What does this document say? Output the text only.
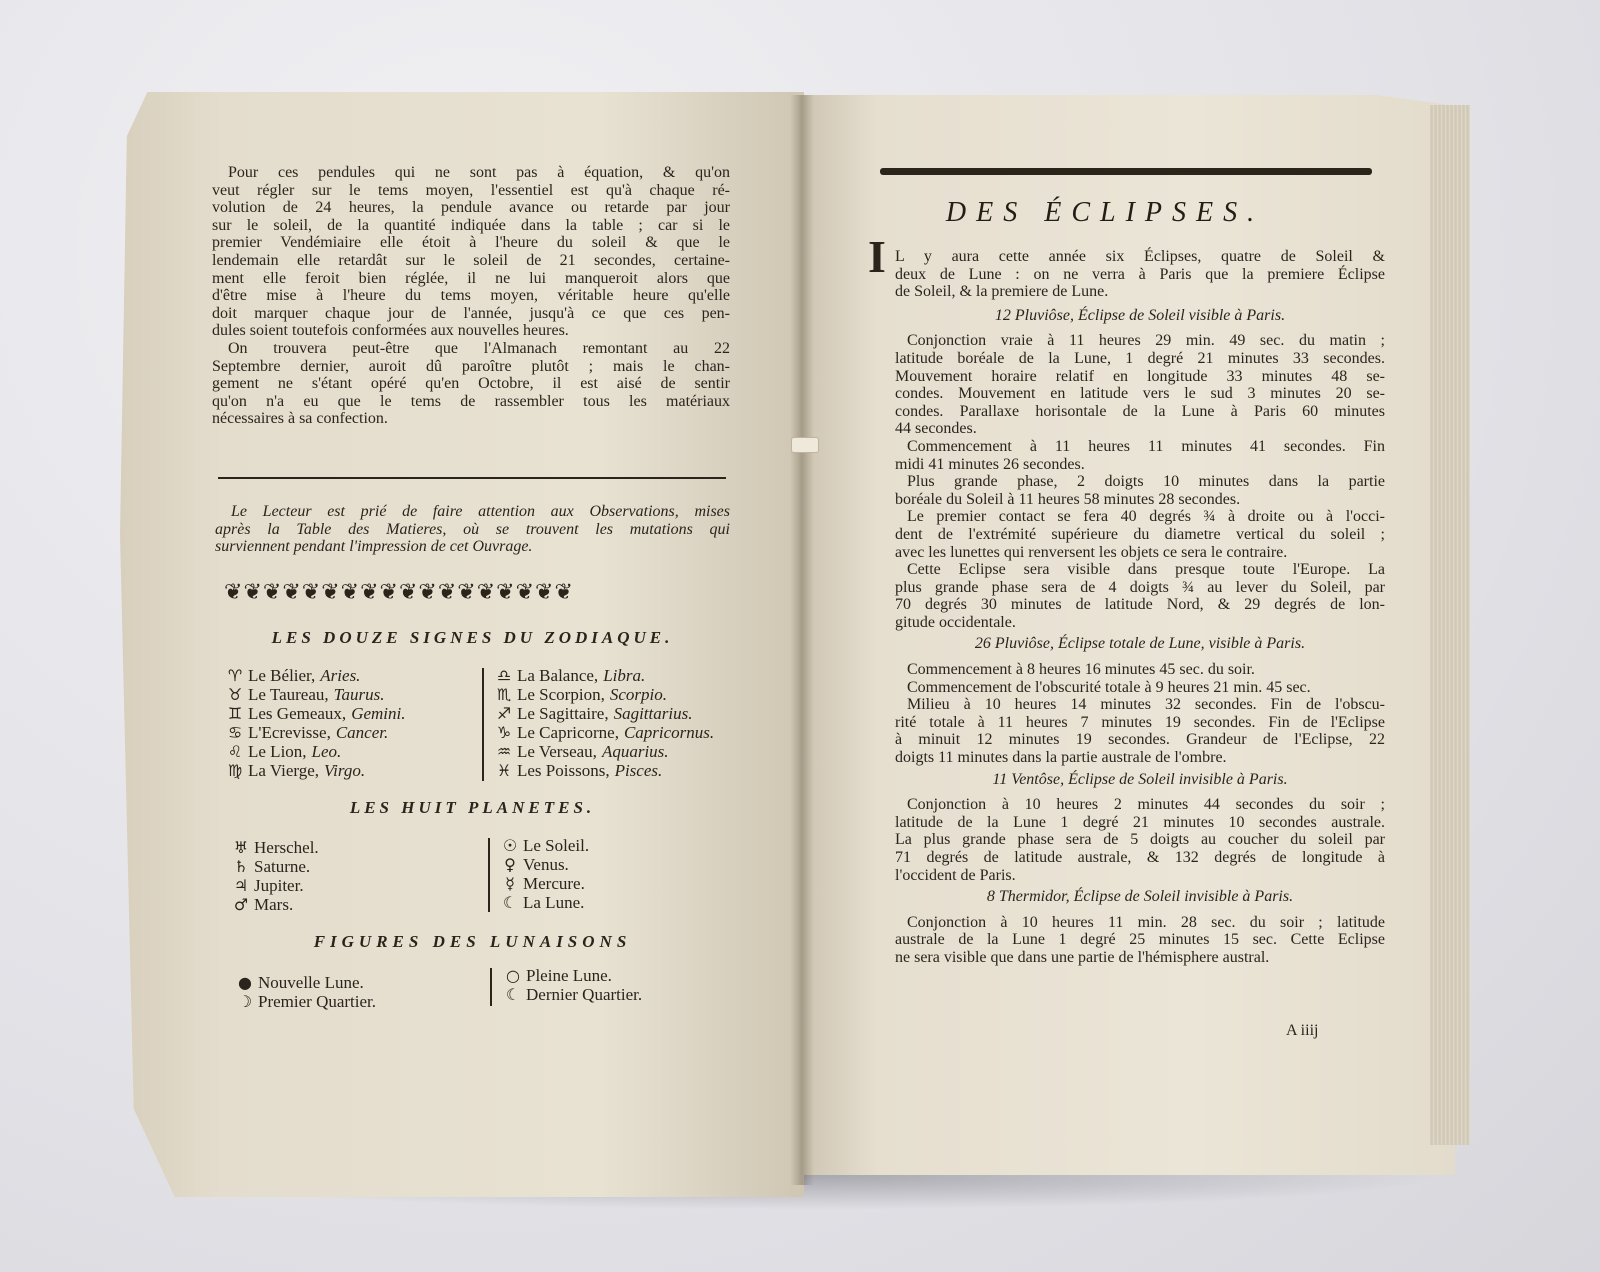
Pour ces pendules qui ne sont pas à équation, & qu'on
veut régler sur le tems moyen, l'essentiel est qu'à chaque ré-
volution de 24 heures, la pendule avance ou retarde par jour
sur le soleil, de la quantité indiquée dans la table ; car si le
premier Vendémiaire elle étoit à l'heure du soleil & que le
lendemain elle retardât sur le soleil de 21 secondes, certaine-
ment elle feroit bien réglée, il ne lui manqueroit alors que
d'être mise à l'heure du tems moyen, véritable heure qu'elle
doit marquer chaque jour de l'année, jusqu'à ce que ces pen-
dules soient toutefois conformées aux nouvelles heures.
On trouvera peut-être que l'Almanach remontant au 22
Septembre dernier, auroit dû paroître plutôt ; mais le chan-
gement ne s'étant opéré qu'en Octobre, il est aisé de sentir
qu'on n'a eu que le tems de rassembler tous les matériaux
nécessaires à sa confection.
Le Lecteur est prié de faire attention aux Observations, mises
après la Table des Matieres, où se trouvent les mutations qui
surviennent pendant l'impression de cet Ouvrage.
❦ ❦ ❦ ❦ ❦ ❦ ❦ ❦ ❦ ❦ ❦ ❦ ❦ ❦ ❦ ❦ ❦ ❦
LES DOUZE SIGNES DU ZODIAQUE.
♈ Le Bélier, Aries.
♉ Le Taureau, Taurus.
♊ Les Gemeaux, Gemini.
♋ L'Ecrevisse, Cancer.
♌ Le Lion, Leo.
♍ La Vierge, Virgo.
♎ La Balance, Libra.
♏ Le Scorpion, Scorpio.
♐ Le Sagittaire, Sagittarius.
♑ Le Capricorne, Capricornus.
♒ Le Verseau, Aquarius.
♓ Les Poissons, Pisces.
LES HUIT PLANETES.
♅ Herschel.
♄ Saturne.
♃ Jupiter.
♂ Mars.
☉ Le Soleil.
♀ Venus.
☿ Mercure.
☾ La Lune.
FIGURES DES LUNAISONS
● Nouvelle Lune.
☽ Premier Quartier.
○ Pleine Lune.
☾ Dernier Quartier.
DES ÉCLIPSES.
I L y aura cette année six Éclipses, quatre de Soleil &
deux de Lune : on ne verra à Paris que la premiere Éclipse
de Soleil, & la premiere de Lune.
12 Pluviôse, Éclipse de Soleil visible à Paris.
Conjonction vraie à 11 heures 29 min. 49 sec. du matin ;
latitude boréale de la Lune, 1 degré 21 minutes 33 secondes.
Mouvement horaire relatif en longitude 33 minutes 48 se-
condes. Mouvement en latitude vers le sud 3 minutes 20 se-
condes. Parallaxe horisontale de la Lune à Paris 60 minutes
44 secondes.
Commencement à 11 heures 11 minutes 41 secondes. Fin
midi 41 minutes 26 secondes.
Plus grande phase, 2 doigts 10 minutes dans la partie
boréale du Soleil à 11 heures 58 minutes 28 secondes.
Le premier contact se fera 40 degrés ¾ à droite ou à l'occi-
dent de l'extrémité supérieure du diametre vertical du soleil ;
avec les lunettes qui renversent les objets ce sera le contraire.
Cette Eclipse sera visible dans presque toute l'Europe. La
plus grande phase sera de 4 doigts ¾ au lever du Soleil, par
70 degrés 30 minutes de latitude Nord, & 29 degrés de lon-
gitude occidentale.
26 Pluviôse, Éclipse totale de Lune, visible à Paris.
Commencement à 8 heures 16 minutes 45 sec. du soir.
Commencement de l'obscurité totale à 9 heures 21 min. 45 sec.
Milieu à 10 heures 14 minutes 32 secondes. Fin de l'obscu-
rité totale à 11 heures 7 minutes 19 secondes. Fin de l'Eclipse
à minuit 12 minutes 19 secondes. Grandeur de l'Eclipse, 22
doigts 11 minutes dans la partie australe de l'ombre.
11 Ventôse, Éclipse de Soleil invisible à Paris.
Conjonction à 10 heures 2 minutes 44 secondes du soir ;
latitude de la Lune 1 degré 21 minutes 10 secondes australe.
La plus grande phase sera de 5 doigts au coucher du soleil par
71 degrés de latitude australe, & 132 degrés de longitude à
l'occident de Paris.
8 Thermidor, Éclipse de Soleil invisible à Paris.
Conjonction à 10 heures 11 min. 28 sec. du soir ; latitude
australe de la Lune 1 degré 25 minutes 15 sec. Cette Eclipse
ne sera visible que dans une partie de l'hémisphere austral.
A iiij
